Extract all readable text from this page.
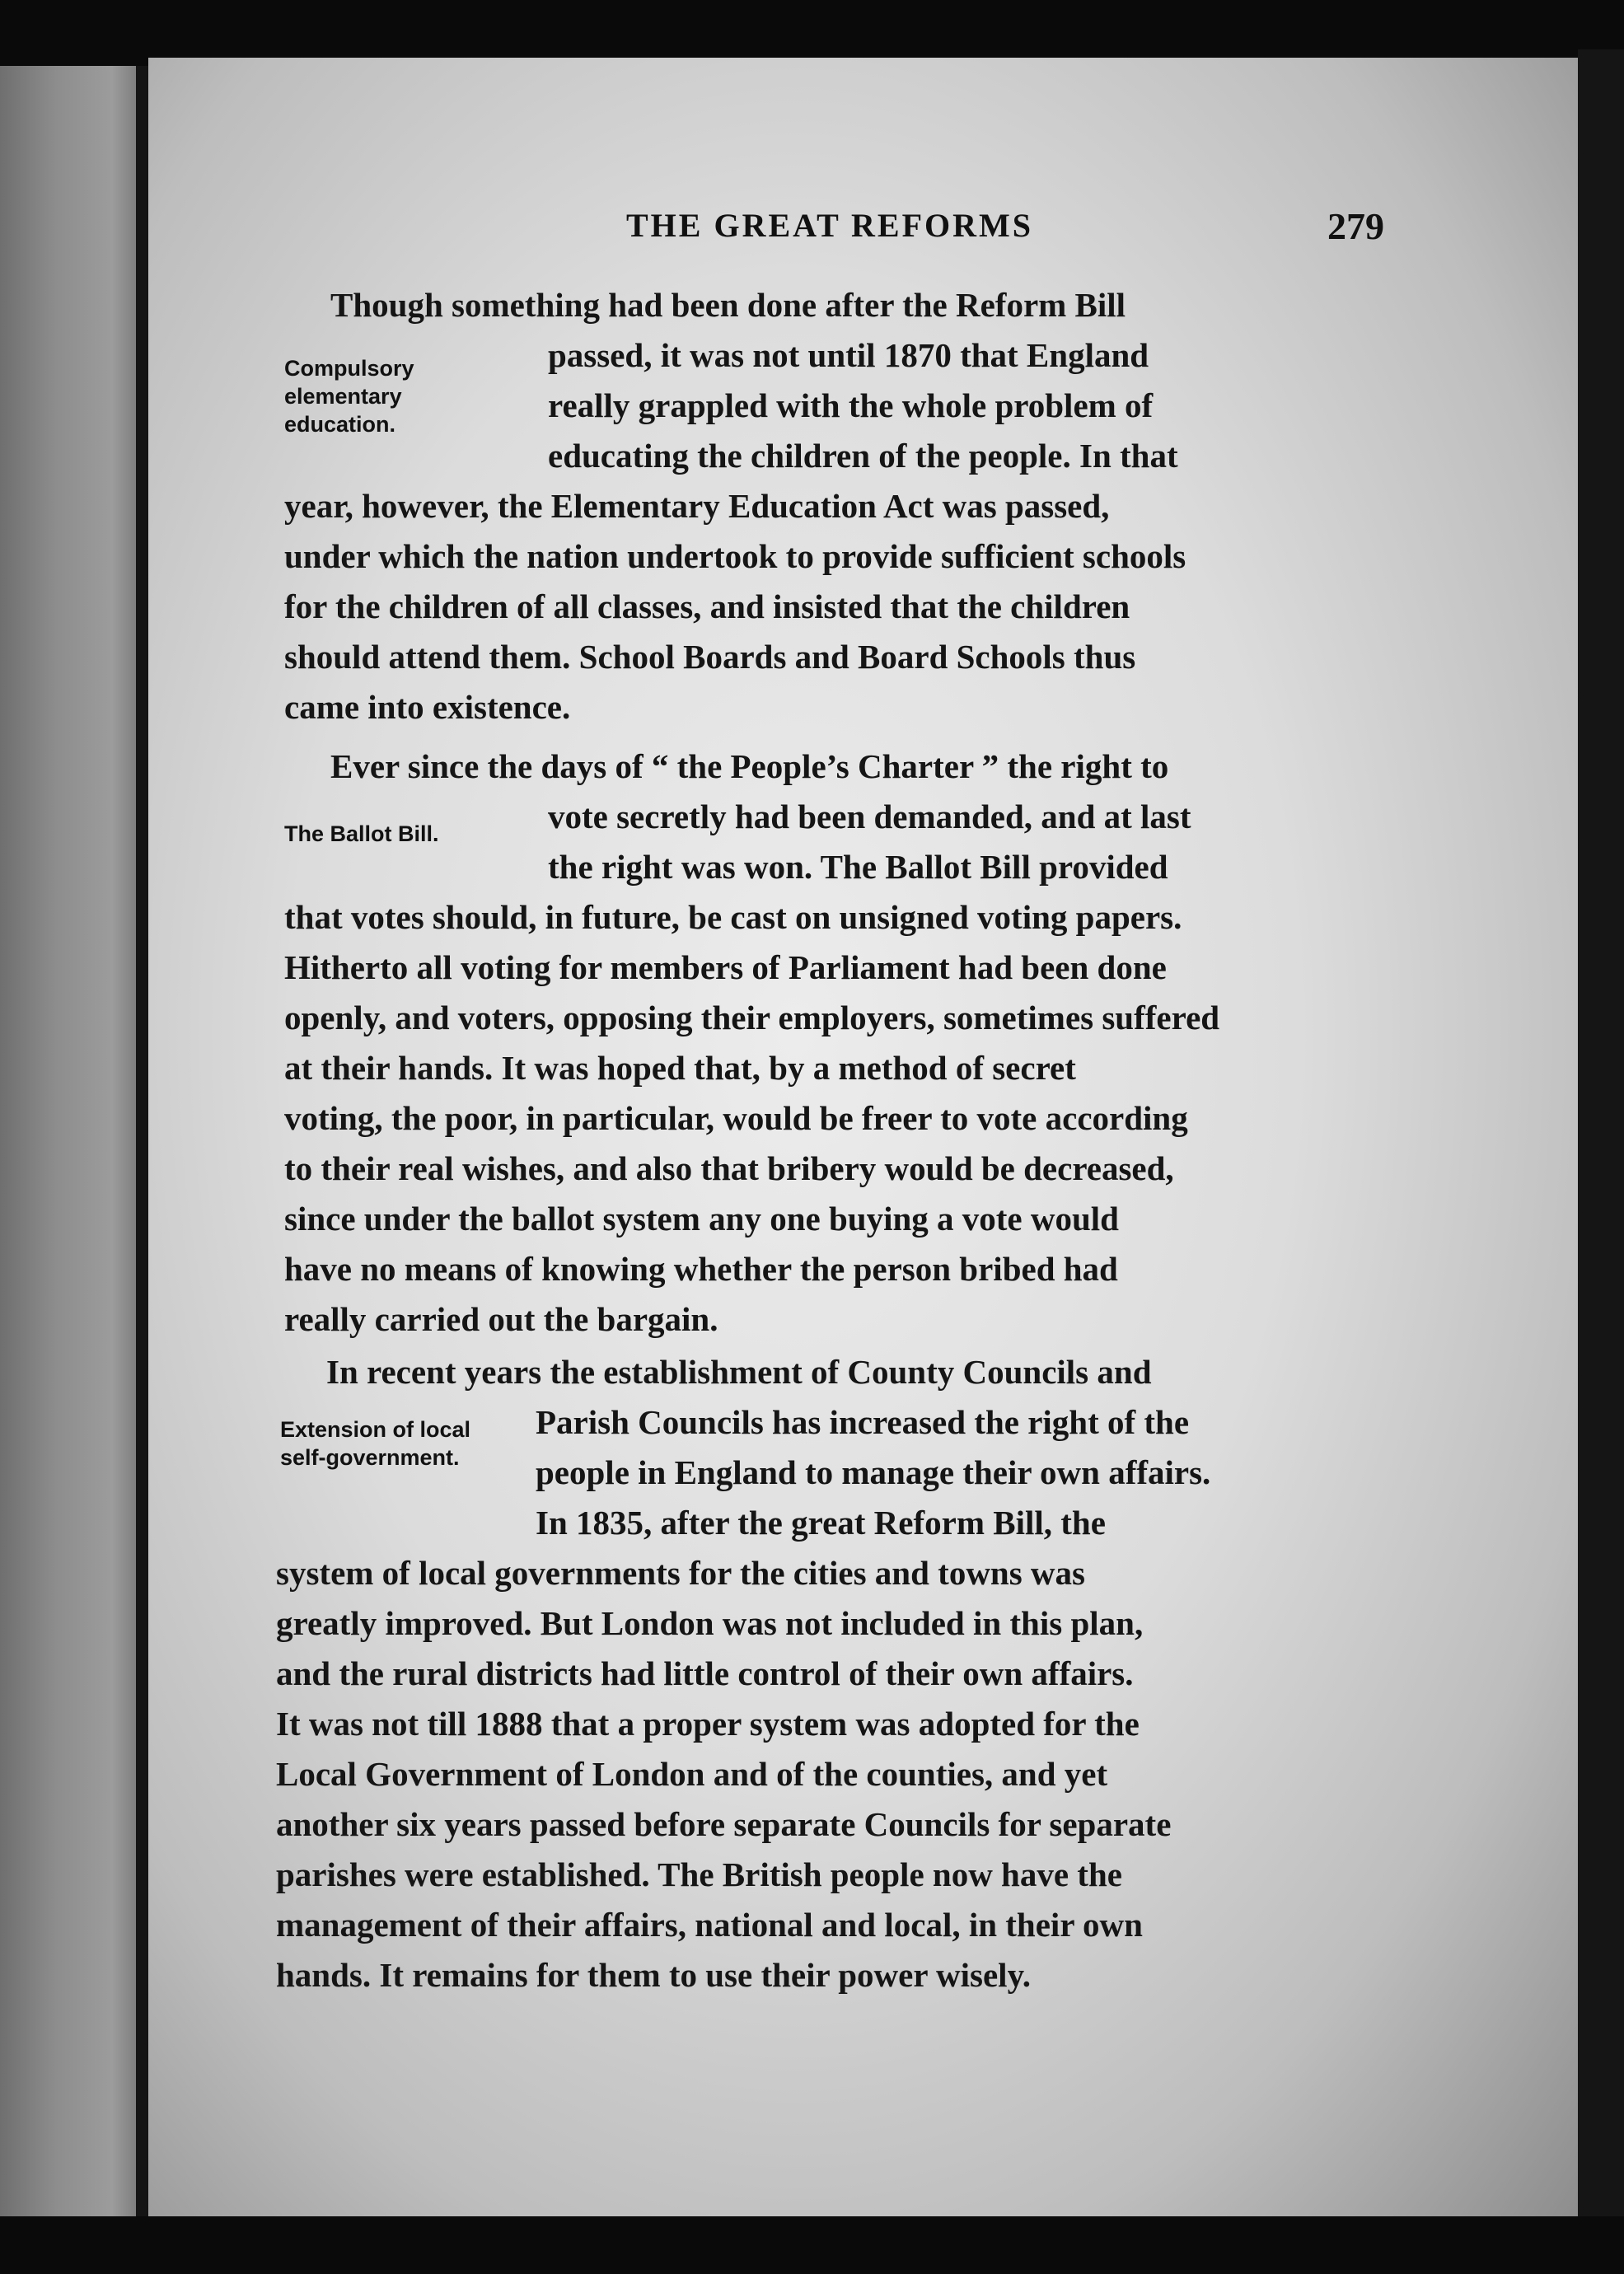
THE GREAT REFORMS	279
Compulsory elementary education.
Though something had been done after the Reform Bill
passed, it was not until 1870 that England
really grappled with the whole problem of
educating the children of the people. In that
year, however, the Elementary Education Act was passed,
under which the nation undertook to provide sufficient schools
for the children of all classes, and insisted that the children
should attend them. School Boards and Board Schools thus
came into existence.
The Ballot Bill.
Ever since the days of “ the People’s Charter ” the right to
vote secretly had been demanded, and at last
the right was won. The Ballot Bill provided
that votes should, in future, be cast on unsigned voting papers.
Hitherto all voting for members of Parliament had been done
openly, and voters, opposing their employers, sometimes suffered
at their hands. It was hoped that, by a method of secret
voting, the poor, in particular, would be freer to vote according
to their real wishes, and also that bribery would be decreased,
since under the ballot system any one buying a vote would
have no means of knowing whether the person bribed had
really carried out the bargain.
Extension of local self-government.
In recent years the establishment of County Councils and
Parish Councils has increased the right of the
people in England to manage their own affairs.
In 1835, after the great Reform Bill, the
system of local governments for the cities and towns was
greatly improved. But London was not included in this plan,
and the rural districts had little control of their own affairs.
It was not till 1888 that a proper system was adopted for the
Local Government of London and of the counties, and yet
another six years passed before separate Councils for separate
parishes were established. The British people now have the
management of their affairs, national and local, in their own
hands. It remains for them to use their power wisely.
